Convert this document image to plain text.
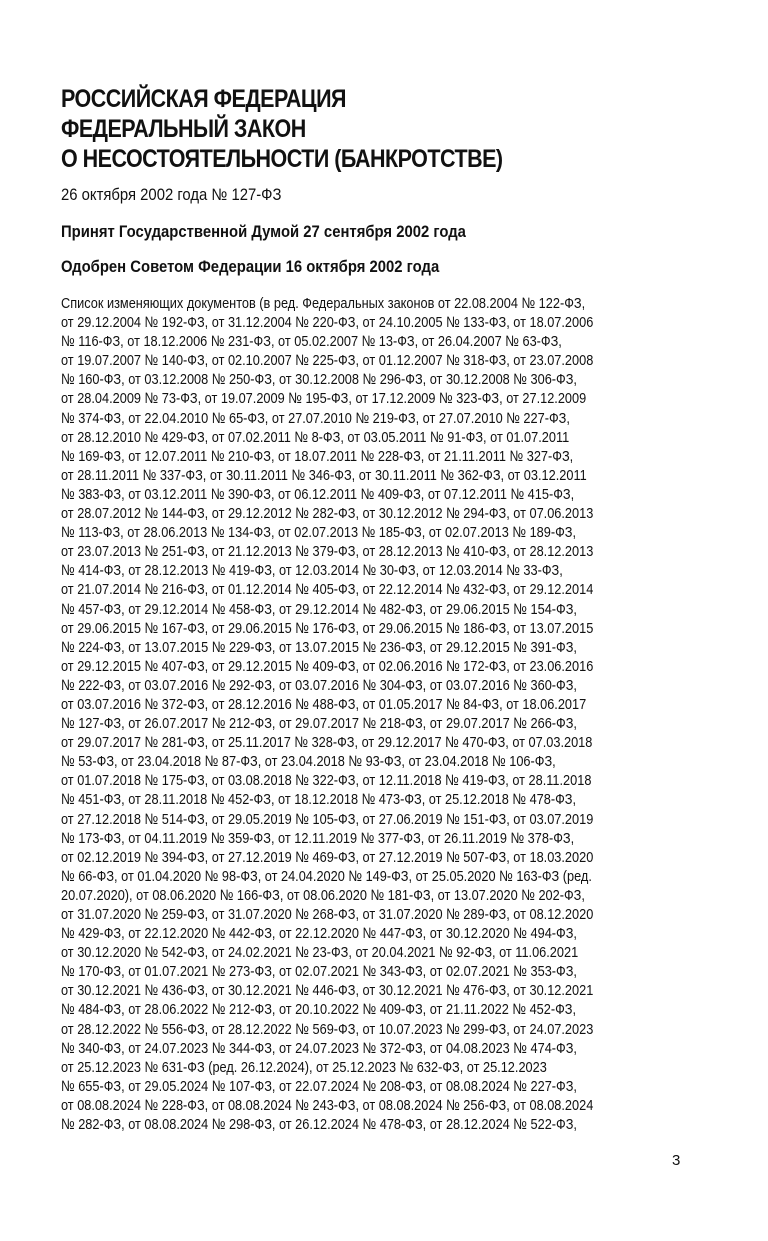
РОССИЙСКАЯ ФЕДЕРАЦИЯ
ФЕДЕРАЛЬНЫЙ ЗАКОН
О НЕСОСТОЯТЕЛЬНОСТИ (БАНКРОТСТВЕ)
26 октября 2002 года № 127-ФЗ
Принят Государственной Думой 27 сентября 2002 года
Одобрен Советом Федерации 16 октября 2002 года
Список изменяющих документов (в ред. Федеральных законов от 22.08.2004 № 122-ФЗ,
от 29.12.2004 № 192-ФЗ, от 31.12.2004 № 220-ФЗ, от 24.10.2005 № 133-ФЗ, от 18.07.2006
№ 116-ФЗ, от 18.12.2006 № 231-ФЗ, от 05.02.2007 № 13-ФЗ, от 26.04.2007 № 63-ФЗ,
от 19.07.2007 № 140-ФЗ, от 02.10.2007 № 225-ФЗ, от 01.12.2007 № 318-ФЗ, от 23.07.2008
№ 160-ФЗ, от 03.12.2008 № 250-ФЗ, от 30.12.2008 № 296-ФЗ, от 30.12.2008 № 306-ФЗ,
от 28.04.2009 № 73-ФЗ, от 19.07.2009 № 195-ФЗ, от 17.12.2009 № 323-ФЗ, от 27.12.2009
№ 374-ФЗ, от 22.04.2010 № 65-ФЗ, от 27.07.2010 № 219-ФЗ, от 27.07.2010 № 227-ФЗ,
от 28.12.2010 № 429-ФЗ, от 07.02.2011 № 8-ФЗ, от 03.05.2011 № 91-ФЗ, от 01.07.2011
№ 169-ФЗ, от 12.07.2011 № 210-ФЗ, от 18.07.2011 № 228-ФЗ, от 21.11.2011 № 327-ФЗ,
от 28.11.2011 № 337-ФЗ, от 30.11.2011 № 346-ФЗ, от 30.11.2011 № 362-ФЗ, от 03.12.2011
№ 383-ФЗ, от 03.12.2011 № 390-ФЗ, от 06.12.2011 № 409-ФЗ, от 07.12.2011 № 415-ФЗ,
от 28.07.2012 № 144-ФЗ, от 29.12.2012 № 282-ФЗ, от 30.12.2012 № 294-ФЗ, от 07.06.2013
№ 113-ФЗ, от 28.06.2013 № 134-ФЗ, от 02.07.2013 № 185-ФЗ, от 02.07.2013 № 189-ФЗ,
от 23.07.2013 № 251-ФЗ, от 21.12.2013 № 379-ФЗ, от 28.12.2013 № 410-ФЗ, от 28.12.2013
№ 414-ФЗ, от 28.12.2013 № 419-ФЗ, от 12.03.2014 № 30-ФЗ, от 12.03.2014 № 33-ФЗ,
от 21.07.2014 № 216-ФЗ, от 01.12.2014 № 405-ФЗ, от 22.12.2014 № 432-ФЗ, от 29.12.2014
№ 457-ФЗ, от 29.12.2014 № 458-ФЗ, от 29.12.2014 № 482-ФЗ, от 29.06.2015 № 154-ФЗ,
от 29.06.2015 № 167-ФЗ, от 29.06.2015 № 176-ФЗ, от 29.06.2015 № 186-ФЗ, от 13.07.2015
№ 224-ФЗ, от 13.07.2015 № 229-ФЗ, от 13.07.2015 № 236-ФЗ, от 29.12.2015 № 391-ФЗ,
от 29.12.2015 № 407-ФЗ, от 29.12.2015 № 409-ФЗ, от 02.06.2016 № 172-ФЗ, от 23.06.2016
№ 222-ФЗ, от 03.07.2016 № 292-ФЗ, от 03.07.2016 № 304-ФЗ, от 03.07.2016 № 360-ФЗ,
от 03.07.2016 № 372-ФЗ, от 28.12.2016 № 488-ФЗ, от 01.05.2017 № 84-ФЗ, от 18.06.2017
№ 127-ФЗ, от 26.07.2017 № 212-ФЗ, от 29.07.2017 № 218-ФЗ, от 29.07.2017 № 266-ФЗ,
от 29.07.2017 № 281-ФЗ, от 25.11.2017 № 328-ФЗ, от 29.12.2017 № 470-ФЗ, от 07.03.2018
№ 53-ФЗ, от 23.04.2018 № 87-ФЗ, от 23.04.2018 № 93-ФЗ, от 23.04.2018 № 106-ФЗ,
от 01.07.2018 № 175-ФЗ, от 03.08.2018 № 322-ФЗ, от 12.11.2018 № 419-ФЗ, от 28.11.2018
№ 451-ФЗ, от 28.11.2018 № 452-ФЗ, от 18.12.2018 № 473-ФЗ, от 25.12.2018 № 478-ФЗ,
от 27.12.2018 № 514-ФЗ, от 29.05.2019 № 105-ФЗ, от 27.06.2019 № 151-ФЗ, от 03.07.2019
№ 173-ФЗ, от 04.11.2019 № 359-ФЗ, от 12.11.2019 № 377-ФЗ, от 26.11.2019 № 378-ФЗ,
от 02.12.2019 № 394-ФЗ, от 27.12.2019 № 469-ФЗ, от 27.12.2019 № 507-ФЗ, от 18.03.2020
№ 66-ФЗ, от 01.04.2020 № 98-ФЗ, от 24.04.2020 № 149-ФЗ, от 25.05.2020 № 163-ФЗ (ред.
20.07.2020), от 08.06.2020 № 166-ФЗ, от 08.06.2020 № 181-ФЗ, от 13.07.2020 № 202-ФЗ,
от 31.07.2020 № 259-ФЗ, от 31.07.2020 № 268-ФЗ, от 31.07.2020 № 289-ФЗ, от 08.12.2020
№ 429-ФЗ, от 22.12.2020 № 442-ФЗ, от 22.12.2020 № 447-ФЗ, от 30.12.2020 № 494-ФЗ,
от 30.12.2020 № 542-ФЗ, от 24.02.2021 № 23-ФЗ, от 20.04.2021 № 92-ФЗ, от 11.06.2021
№ 170-ФЗ, от 01.07.2021 № 273-ФЗ, от 02.07.2021 № 343-ФЗ, от 02.07.2021 № 353-ФЗ,
от 30.12.2021 № 436-ФЗ, от 30.12.2021 № 446-ФЗ, от 30.12.2021 № 476-ФЗ, от 30.12.2021
№ 484-ФЗ, от 28.06.2022 № 212-ФЗ, от 20.10.2022 № 409-ФЗ, от 21.11.2022 № 452-ФЗ,
от 28.12.2022 № 556-ФЗ, от 28.12.2022 № 569-ФЗ, от 10.07.2023 № 299-ФЗ, от 24.07.2023
№ 340-ФЗ, от 24.07.2023 № 344-ФЗ, от 24.07.2023 № 372-ФЗ, от 04.08.2023 № 474-ФЗ,
от 25.12.2023 № 631-ФЗ (ред. 26.12.2024), от 25.12.2023 № 632-ФЗ, от 25.12.2023
№ 655-ФЗ, от 29.05.2024 № 107-ФЗ, от 22.07.2024 № 208-ФЗ, от 08.08.2024 № 227-ФЗ,
от 08.08.2024 № 228-ФЗ, от 08.08.2024 № 243-ФЗ, от 08.08.2024 № 256-ФЗ, от 08.08.2024
№ 282-ФЗ, от 08.08.2024 № 298-ФЗ, от 26.12.2024 № 478-ФЗ, от 28.12.2024 № 522-ФЗ,
3
